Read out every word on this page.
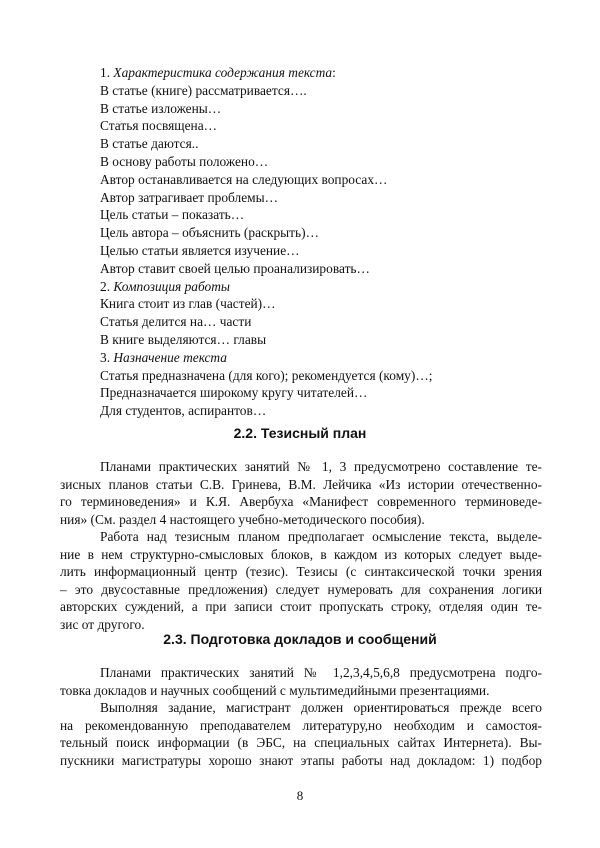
1. Характеристика содержания текста:
В статье (книге) рассматривается….
В статье изложены…
Статья посвящена…
В статье даются..
В основу работы положено…
Автор останавливается на следующих вопросах…
Автор затрагивает проблемы…
Цель статьи – показать…
Цель автора – объяснить (раскрыть)…
Целью статьи является изучение…
Автор ставит своей целью проанализировать…
2. Композиция работы
Книга стоит из глав (частей)…
Статья делится на… части
В книге выделяются… главы
3. Назначение текста
Статья предназначена (для кого); рекомендуется (кому)…;
Предназначается широкому кругу читателей…
Для студентов, аспирантов…
2.2. Тезисный план
Планами практических занятий № 1, 3 предусмотрено составление те-
зисных планов статьи С.В. Гринева, В.М. Лейчика «Из истории отечественно-
го терминоведения» и К.Я. Авербуха «Манифест современного терминоведе-
ния» (См. раздел 4 настоящего учебно-методического пособия).
Работа над тезисным планом предполагает осмысление текста, выделе-
ние в нем структурно-смысловых блоков, в каждом из которых следует выде-
лить информационный центр (тезис). Тезисы (с синтаксической точки зрения
– это двусоставные предложения) следует нумеровать для сохранения логики
авторских суждений, а при записи стоит пропускать строку, отделяя один те-
зис от другого.
2.3. Подготовка докладов и сообщений
Планами практических занятий № 1,2,3,4,5,6,8 предусмотрена подго-
товка докладов и научных сообщений с мультимедийными презентациями.
Выполняя задание, магистрант должен ориентироваться прежде всего
на рекомендованную преподавателем литературу,но необходим и самостоя-
тельный поиск информации (в ЭБС, на специальных сайтах Интернета). Вы-
пускники магистратуры хорошо знают этапы работы над докладом: 1) подбор
8
